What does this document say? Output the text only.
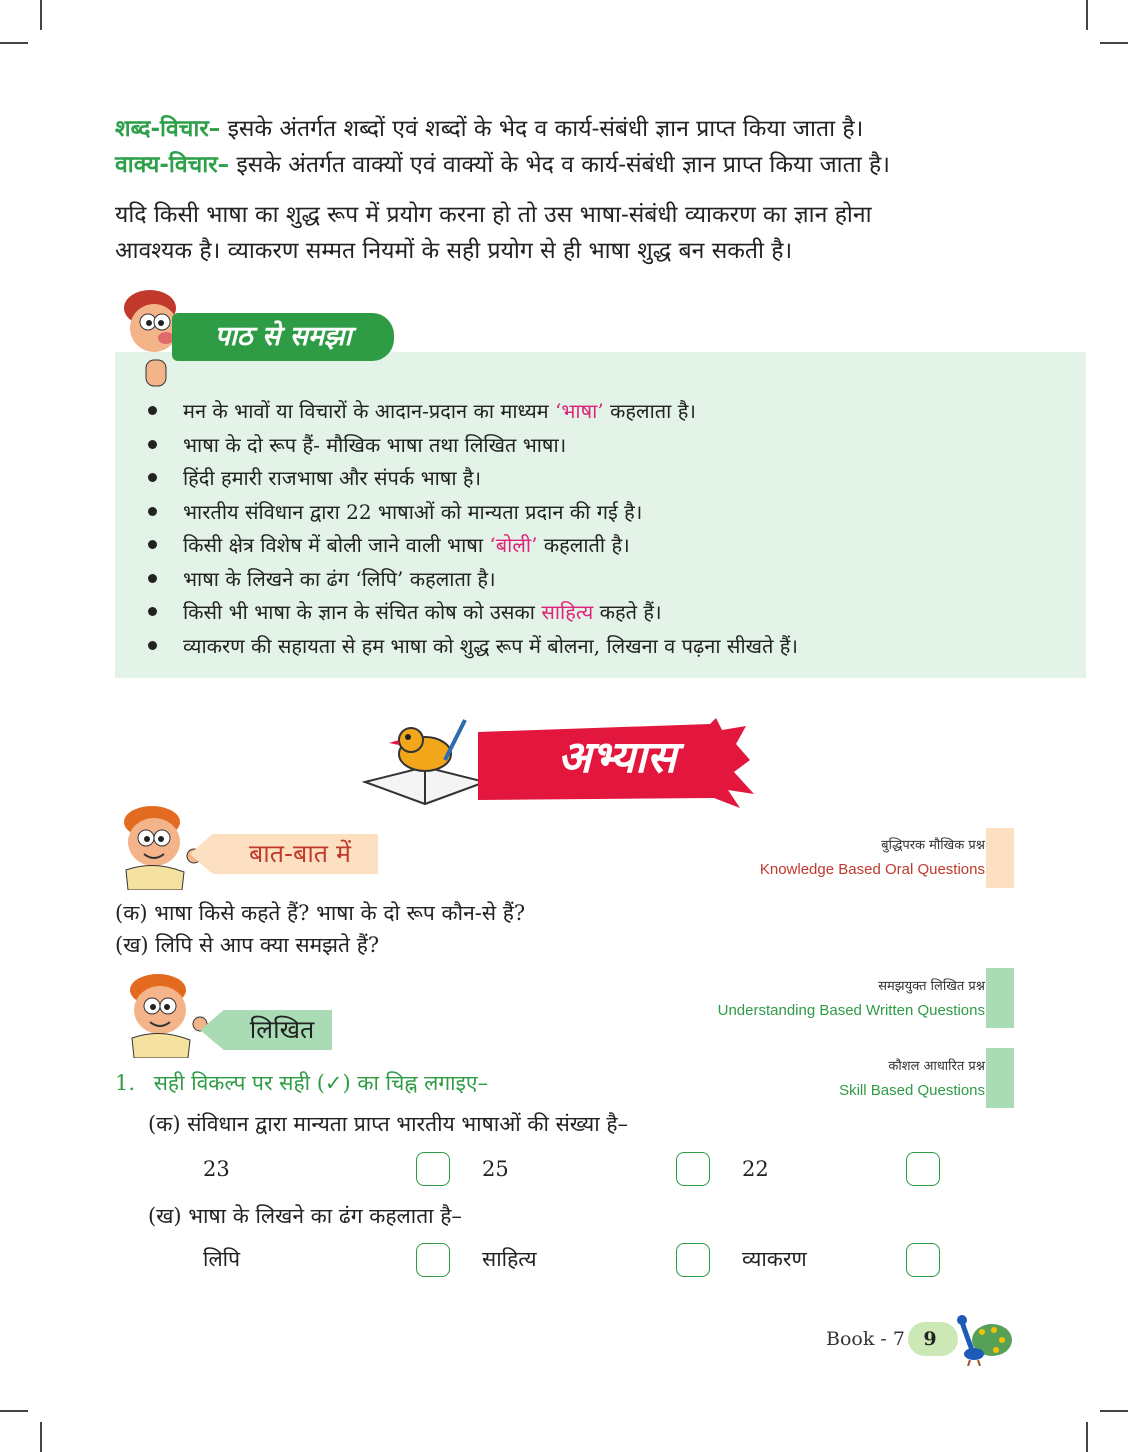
शब्द-विचार– इसके अंतर्गत शब्दों एवं शब्दों के भेद व कार्य-संबंधी ज्ञान प्राप्त किया जाता है।
वाक्य-विचार– इसके अंतर्गत वाक्यों एवं वाक्यों के भेद व कार्य-संबंधी ज्ञान प्राप्त किया जाता है।
यदि किसी भाषा का शुद्ध रूप में प्रयोग करना हो तो उस भाषा-संबंधी व्याकरण का ज्ञान होना
आवश्यक है। व्याकरण सम्मत नियमों के सही प्रयोग से ही भाषा शुद्ध बन सकती है।
पाठ से समझा
मन के भावों या विचारों के आदान-प्रदान का माध्यम ‘भाषा’ कहलाता है।
भाषा के दो रूप हैं- मौखिक भाषा तथा लिखित भाषा।
हिंदी हमारी राजभाषा और संपर्क भाषा है।
भारतीय संविधान द्वारा 22 भाषाओं को मान्यता प्रदान की गई है।
किसी क्षेत्र विशेष में बोली जाने वाली भाषा ‘बोली’ कहलाती है।
भाषा के लिखने का ढंग ‘लिपि’ कहलाता है।
किसी भी भाषा के ज्ञान के संचित कोष को उसका साहित्य कहते हैं।
व्याकरण की सहायता से हम भाषा को शुद्ध रूप में बोलना, लिखना व पढ़ना सीखते हैं।
अभ्यास
बात-बात में	बुद्धिपरक मौखिक प्रश्न
Knowledge Based Oral Questions
(क) भाषा किसे कहते हैं? भाषा के दो रूप कौन-से हैं?
(ख) लिपि से आप क्या समझते हैं?
लिखित
समझयुक्त लिखित प्रश्न
Understanding Based Written Questions
कौशल आधारित प्रश्न
Skill Based Questions
1. सही विकल्प पर सही (✓) का चिह्न लगाइए–
(क) संविधान द्वारा मान्यता प्राप्त भारतीय भाषाओं की संख्या है–
23	25	22
(ख) भाषा के लिखने का ढंग कहलाता है–
लिपि	साहित्य	व्याकरण
Book - 7 9
